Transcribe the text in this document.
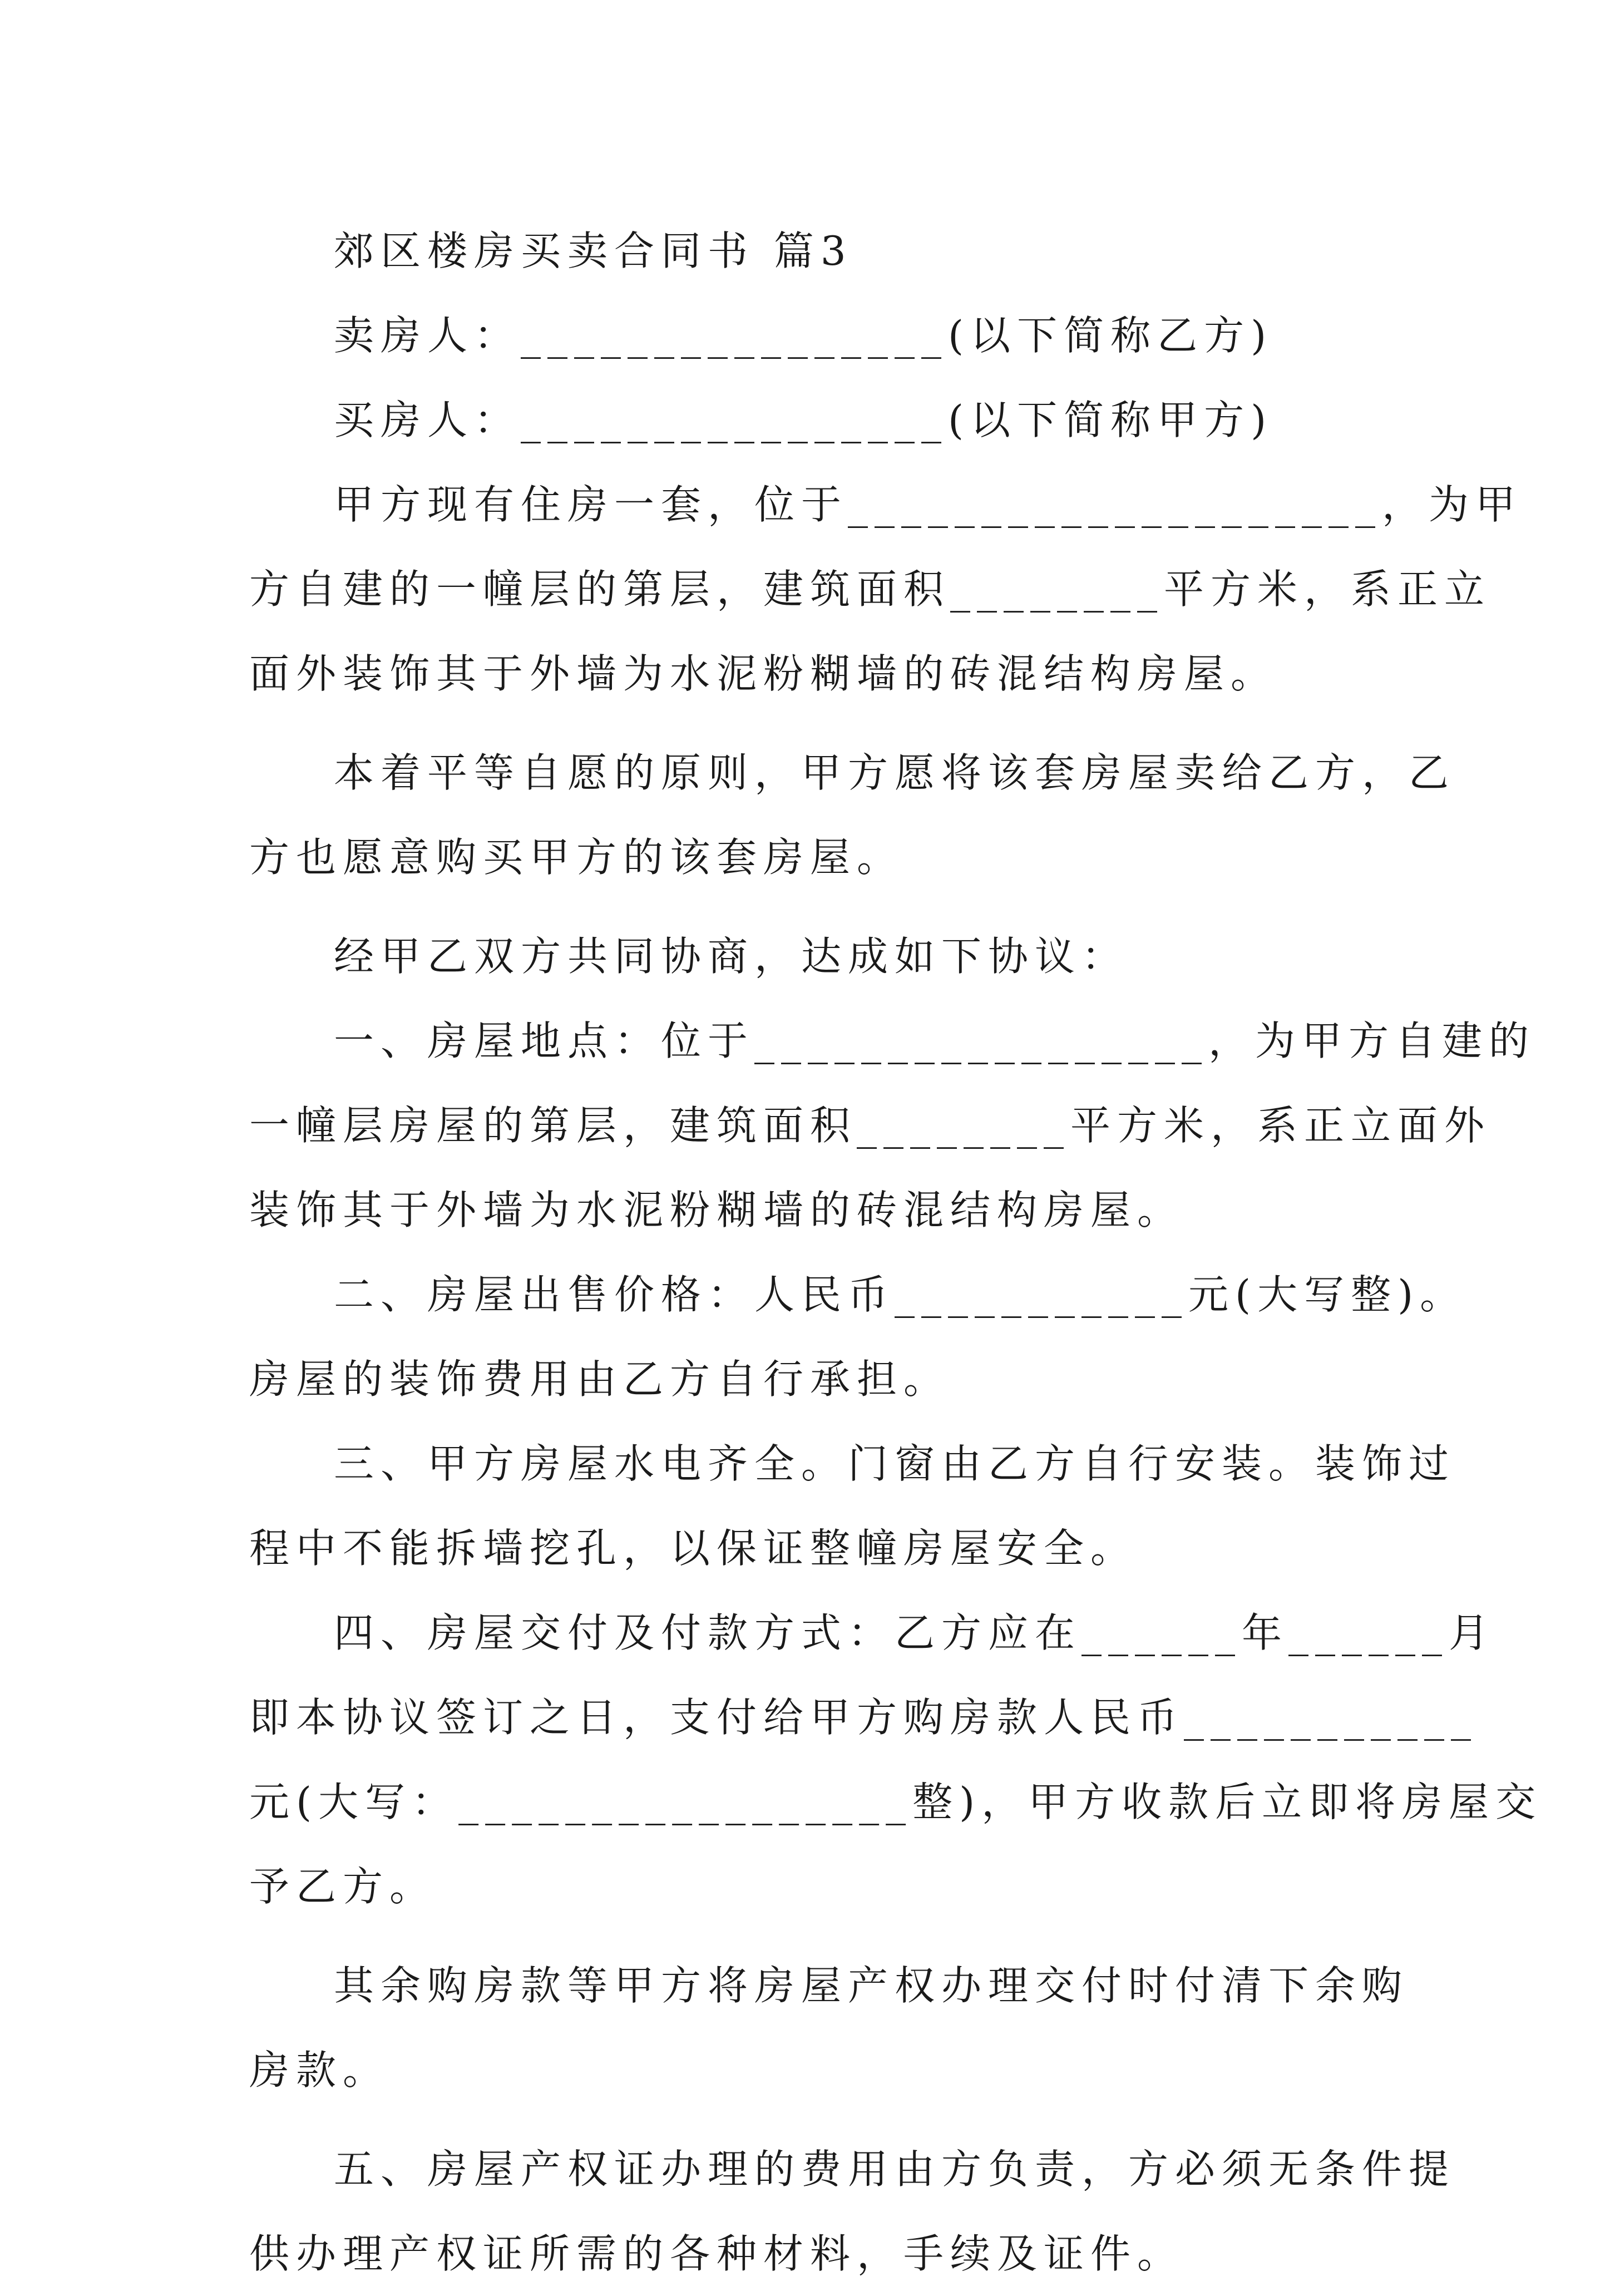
郊区楼房买卖合同书 篇3
卖房人：________________(以下简称乙方)
买房人：________________(以下简称甲方)
甲方现有住房一套，位于____________________，为甲
方自建的一幢层的第层，建筑面积________平方米，系正立
面外装饰其于外墙为水泥粉糊墙的砖混结构房屋。
本着平等自愿的原则，甲方愿将该套房屋卖给乙方，乙
方也愿意购买甲方的该套房屋。
经甲乙双方共同协商，达成如下协议：
一、房屋地点：位于_________________，为甲方自建的
一幢层房屋的第层，建筑面积________平方米，系正立面外
装饰其于外墙为水泥粉糊墙的砖混结构房屋。
二、房屋出售价格：人民币___________元(大写整)。
房屋的装饰费用由乙方自行承担。
三、甲方房屋水电齐全。门窗由乙方自行安装。装饰过
程中不能拆墙挖孔，以保证整幢房屋安全。
四、房屋交付及付款方式：乙方应在______年______月
即本协议签订之日，支付给甲方购房款人民币___________
元(大写：_________________整)，甲方收款后立即将房屋交
予乙方。
其余购房款等甲方将房屋产权办理交付时付清下余购
房款。
五、房屋产权证办理的费用由方负责，方必须无条件提
供办理产权证所需的各种材料，手续及证件。
